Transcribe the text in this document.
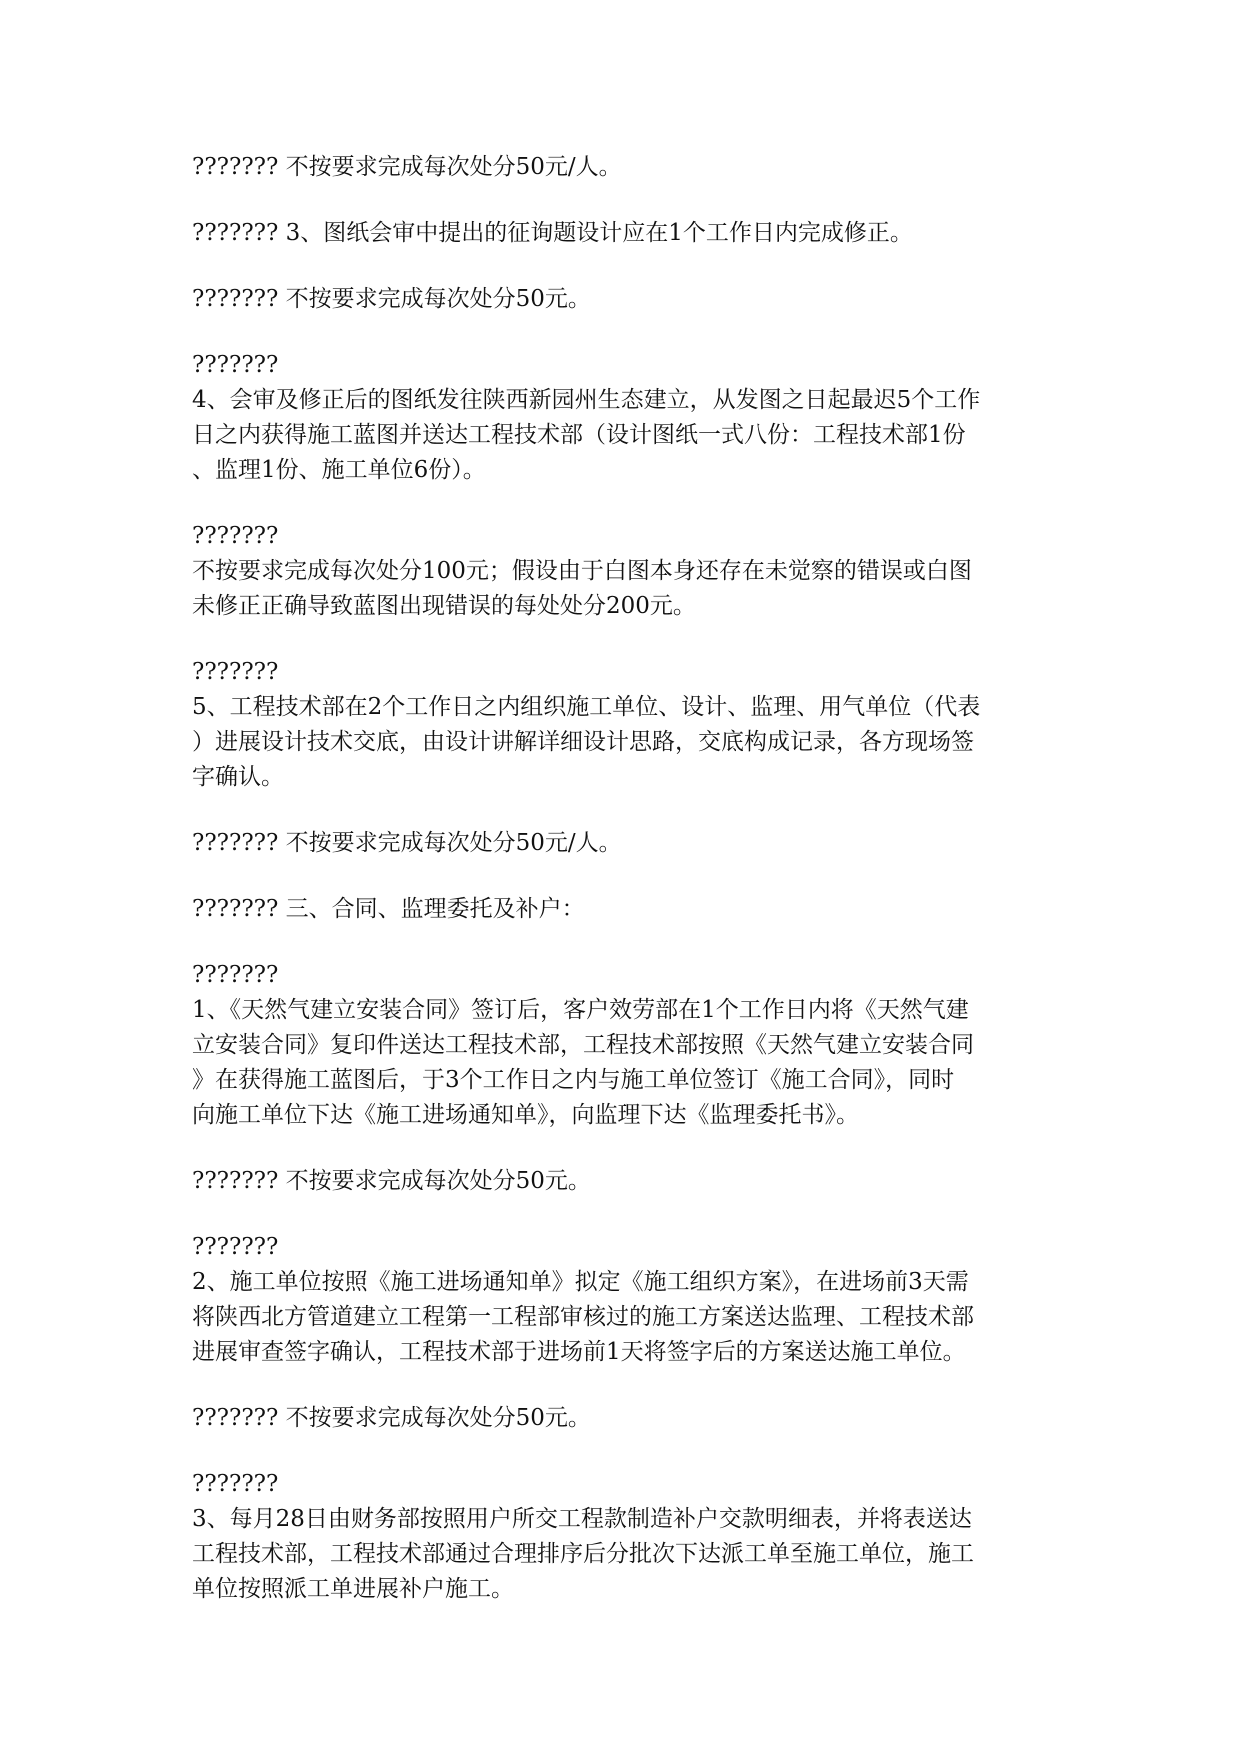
??????? 不按要求完成每次处分50元/人。
??????? 3、图纸会审中提出的征询题设计应在1个工作日内完成修正。
??????? 不按要求完成每次处分50元。
???????
4、会审及修正后的图纸发往陕西新园州生态建立，从发图之日起最迟5个工作
日之内获得施工蓝图并送达工程技术部（设计图纸一式八份：工程技术部1份
、监理1份、施工单位6份）。
???????
不按要求完成每次处分100元；假设由于白图本身还存在未觉察的错误或白图
未修正正确导致蓝图出现错误的每处处分200元。
???????
5、工程技术部在2个工作日之内组织施工单位、设计、监理、用气单位（代表
）进展设计技术交底，由设计讲解详细设计思路，交底构成记录，各方现场签
字确认。
??????? 不按要求完成每次处分50元/人。
??????? 三、合同、监理委托及补户：
???????
1、《天然气建立安装合同》签订后，客户效劳部在1个工作日内将《天然气建
立安装合同》复印件送达工程技术部，工程技术部按照《天然气建立安装合同
》在获得施工蓝图后，于3个工作日之内与施工单位签订《施工合同》，同时
向施工单位下达《施工进场通知单》，向监理下达《监理委托书》。
??????? 不按要求完成每次处分50元。
???????
2、施工单位按照《施工进场通知单》拟定《施工组织方案》，在进场前3天需
将陕西北方管道建立工程第一工程部审核过的施工方案送达监理、工程技术部
进展审查签字确认，工程技术部于进场前1天将签字后的方案送达施工单位。
??????? 不按要求完成每次处分50元。
???????
3、每月28日由财务部按照用户所交工程款制造补户交款明细表，并将表送达
工程技术部，工程技术部通过合理排序后分批次下达派工单至施工单位，施工
单位按照派工单进展补户施工。
